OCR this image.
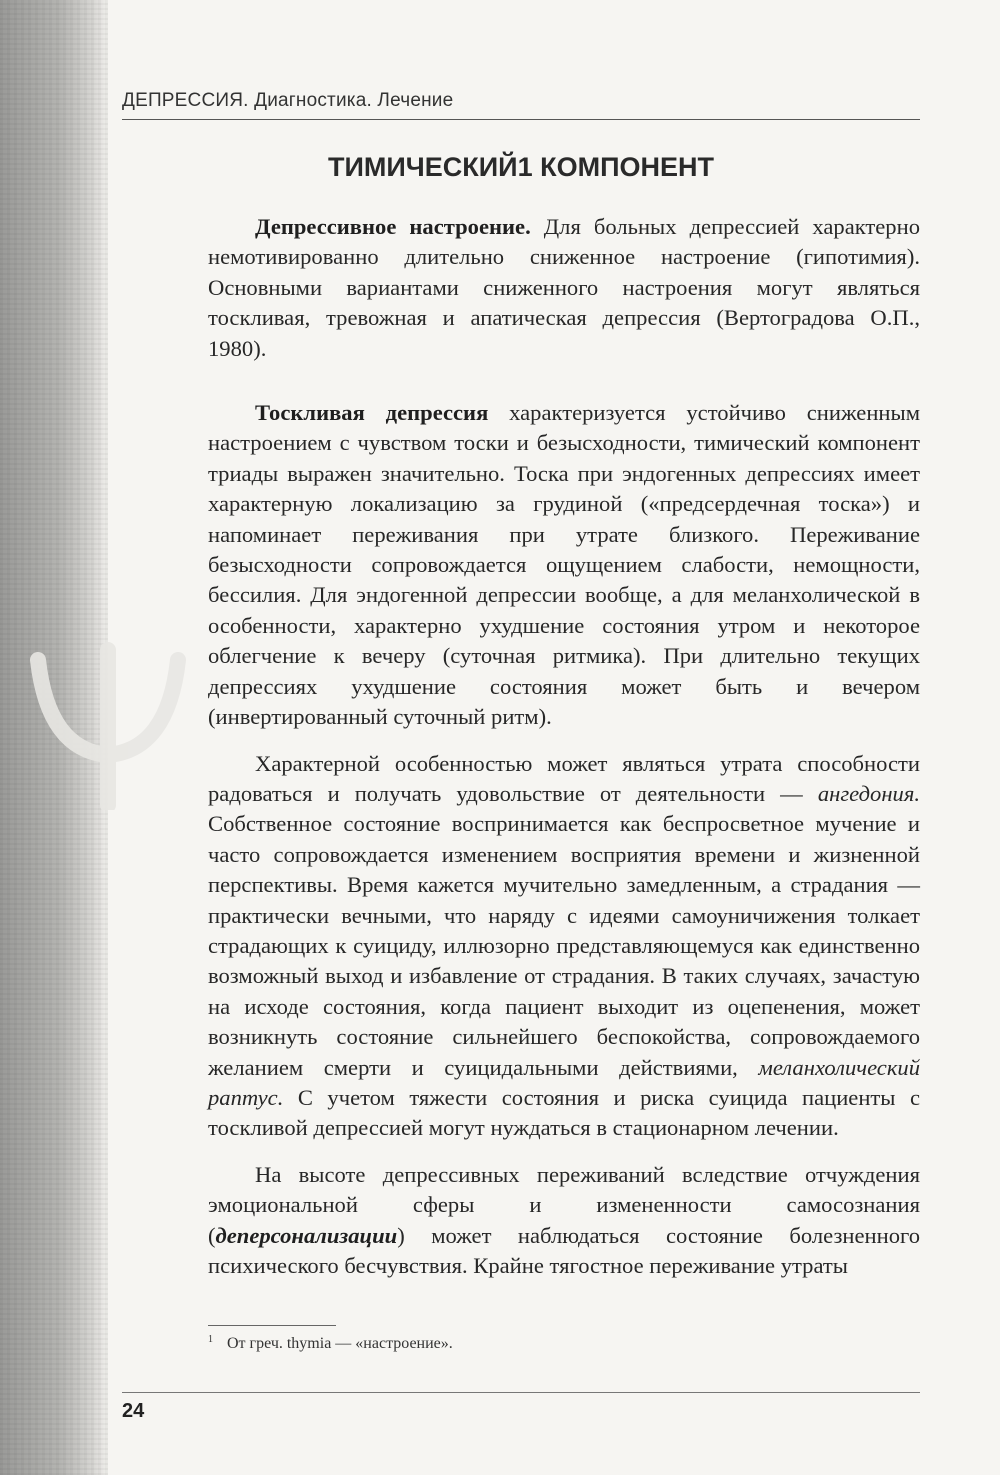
ДЕПРЕССИЯ. Диагностика. Лечение
ТИМИЧЕСКИЙ1 КОМПОНЕНТ

Депрессивное настроение. Для больных депрессией характерно немотивированно длительно сниженное настроение (гипотимия). Основными вариантами сниженного настроения могут являться тоскливая, тревожная и апатическая депрессия (Вертоградова О.П., 1980).

Тоскливая депрессия характеризуется устойчиво сниженным настроением с чувством тоски и безысходности, тимический компонент триады выражен значительно. Тоска при эндогенных депрессиях имеет характерную локализацию за грудиной («предсердечная тоска») и напоминает переживания при утрате близкого. Переживание безысходности сопровождается ощущением слабости, немощности, бессилия. Для эндогенной депрессии вообще, а для меланхолической в особенности, характерно ухудшение состояния утром и некоторое облегчение к вечеру (суточная ритмика). При длительно текущих депрессиях ухудшение состояния может быть и вечером (инвертированный суточный ритм).

Характерной особенностью может являться утрата способности радоваться и получать удовольствие от деятельности — ангедония. Собственное состояние воспринимается как беспросветное мучение и часто сопровождается изменением восприятия времени и жизненной перспективы. Время кажется мучительно замедленным, а страдания — практически вечными, что наряду с идеями самоуничижения толкает страдающих к суициду, иллюзорно представляющемуся как единственно возможный выход и избавление от страдания. В таких случаях, зачастую на исходе состояния, когда пациент выходит из оцепенения, может возникнуть состояние сильнейшего беспокойства, сопровождаемого желанием смерти и суицидальными действиями, меланхолический раптус. С учетом тяжести состояния и риска суицида пациенты с тоскливой депрессией могут нуждаться в стационарном лечении.

На высоте депрессивных переживаний вследствие отчуждения эмоциональной сферы и измененности самосознания (деперсонализации) может наблюдаться состояние болезненного психического бесчувствия. Крайне тягостное переживание утраты

$^1$ От греч. thymia — «настроение».
24
